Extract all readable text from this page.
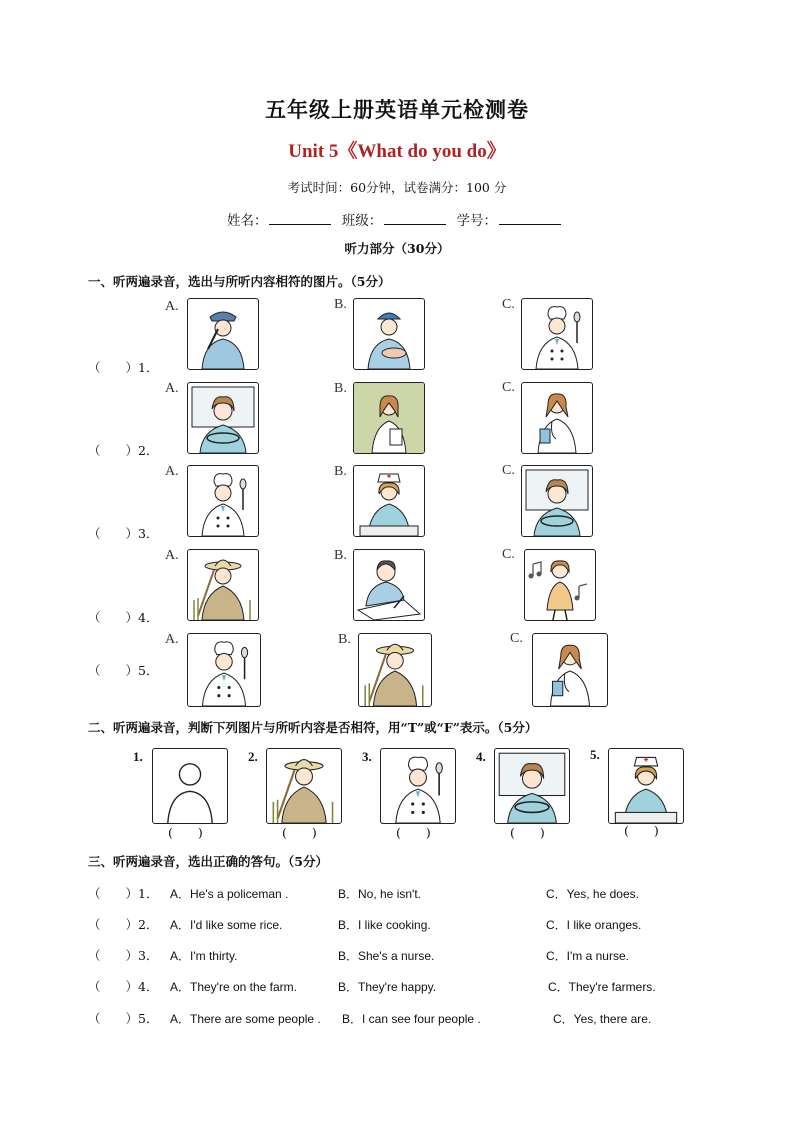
五年级上册英语单元检测卷
Unit 5《What do you do》
考试时间：60分钟，试卷满分：100 分
姓名：	班级：	学号：
听力部分（30分）
一、听两遍录音，选出与所听内容相符的图片。（5分）
（　　）1．
A.	B.	C.
（　　）2．
A.	B.	C.
（　　）3．
A.	B.	C.
（　　）4．
A.	B.	C.
（　　）5．
A.	B.	C.
二、听两遍录音，判断下列图片与所听内容是否相符，用“T”或“F”表示。（5分）
1.
(　　)
2.
(　　)
3.
(　　)
4.
(　　)
5.
(　　)
三、听两遍录音，选出正确的答句。（5分）
（　　）1． A．He's a policeman .	B．No, he isn't.	C．Yes, he does.
（　　）2． A．I'd like some rice.	B．I like cooking.	C．I like oranges.
（　　）3． A．I'm thirty.	B．She's a nurse.	C．I'm a nurse.
（　　）4． A．They're on the farm.	B．They're happy.	C．They're farmers.
（　　）5． A．There are some people . B．I can see four people .	C．Yes, there are.
